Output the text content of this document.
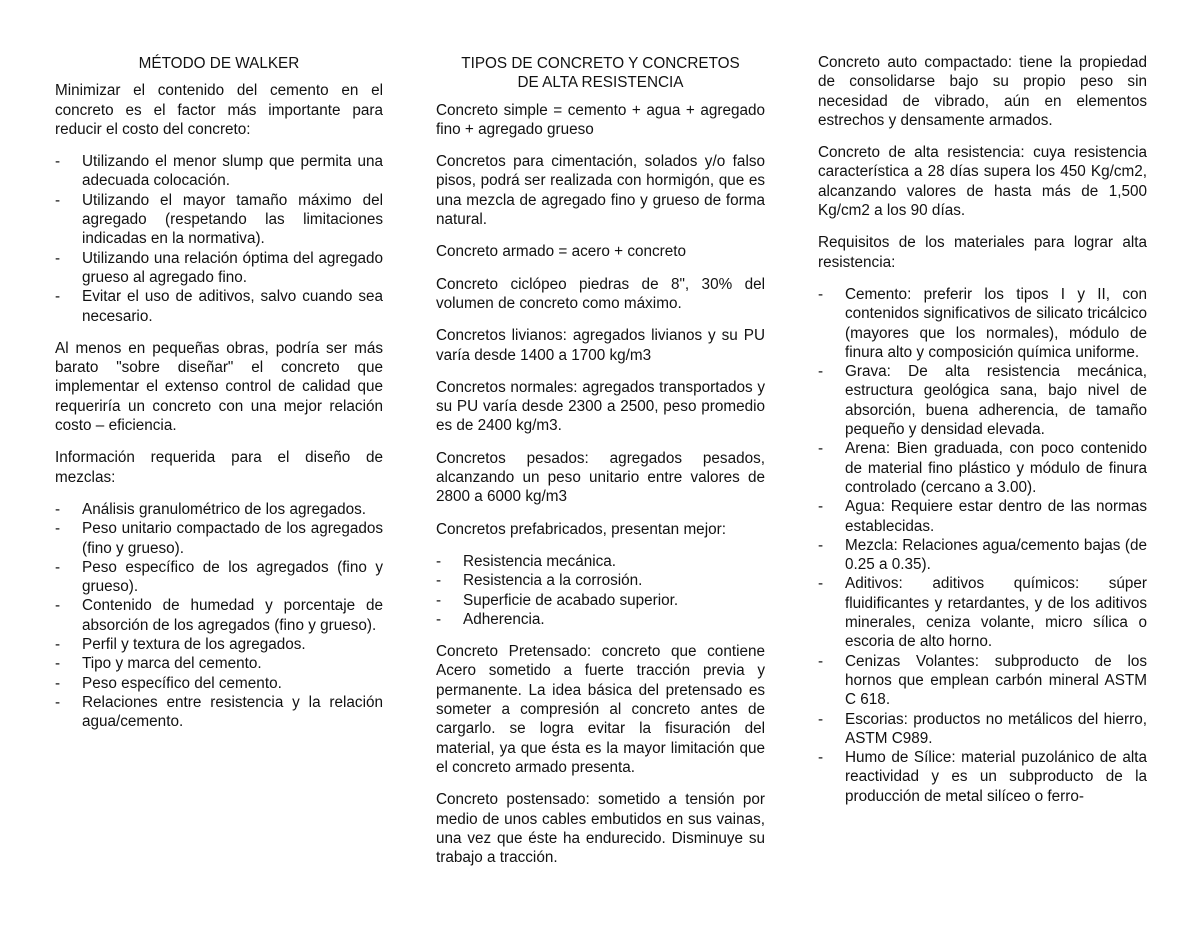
MÉTODO DE WALKER

Minimizar el contenido del cemento en el concreto es el factor más importante para reducir el costo del concreto:

- Utilizando el menor slump que permita una adecuada colocación.
- Utilizando el mayor tamaño máximo del agregado (respetando las limitaciones indicadas en la normativa).
- Utilizando una relación óptima del agregado grueso al agregado fino.
- Evitar el uso de aditivos, salvo cuando sea necesario.

Al menos en pequeñas obras, podría ser más barato "sobre diseñar" el concreto que implementar el extenso control de calidad que requeriría un concreto con una mejor relación costo – eficiencia.

Información requerida para el diseño de mezclas:

- Análisis granulométrico de los agregados.
- Peso unitario compactado de los agregados (fino y grueso).
- Peso específico de los agregados (fino y grueso).
- Contenido de humedad y porcentaje de absorción de los agregados (fino y grueso).
- Perfil y textura de los agregados.
- Tipo y marca del cemento.
- Peso específico del cemento.
- Relaciones entre resistencia y la relación agua/cemento.
TIPOS DE CONCRETO Y CONCRETOS
DE ALTA RESISTENCIA

Concreto simple = cemento + agua + agregado fino + agregado grueso

Concretos para cimentación, solados y/o falso pisos, podrá ser realizada con hormigón, que es una mezcla de agregado fino y grueso de forma natural.

Concreto armado = acero + concreto

Concreto ciclópeo piedras de 8", 30% del volumen de concreto como máximo.

Concretos livianos: agregados livianos y su PU varía desde 1400 a 1700 kg/m3

Concretos normales: agregados transportados y su PU varía desde 2300 a 2500, peso promedio es de 2400 kg/m3.

Concretos pesados: agregados pesados, alcanzando un peso unitario entre valores de 2800 a 6000 kg/m3

Concretos prefabricados, presentan mejor:

- Resistencia mecánica.
- Resistencia a la corrosión.
- Superficie de acabado superior.
- Adherencia.

Concreto Pretensado: concreto que contiene Acero sometido a fuerte tracción previa y permanente. La idea básica del pretensado es someter a compresión al concreto antes de cargarlo. se logra evitar la fisuración del material, ya que ésta es la mayor limitación que el concreto armado presenta.

Concreto postensado: sometido a tensión por medio de unos cables embutidos en sus vainas, una vez que éste ha endurecido. Disminuye su trabajo a tracción.

Concreto auto compactado: tiene la propiedad de consolidarse bajo su propio peso sin necesidad de vibrado, aún en elementos estrechos y densamente armados.

Concreto de alta resistencia: cuya resistencia característica a 28 días supera los 450 Kg/cm2, alcanzando valores de hasta más de 1,500 Kg/cm2 a los 90 días.

Requisitos de los materiales para lograr alta resistencia:

- Cemento: preferir los tipos I y II, con contenidos significativos de silicato tricálcico (mayores que los normales), módulo de finura alto y composición química uniforme.
- Grava: De alta resistencia mecánica, estructura geológica sana, bajo nivel de absorción, buena adherencia, de tamaño pequeño y densidad elevada.
- Arena: Bien graduada, con poco contenido de material fino plástico y módulo de finura controlado (cercano a 3.00).
- Agua: Requiere estar dentro de las normas establecidas.
- Mezcla: Relaciones agua/cemento bajas (de 0.25 a 0.35).
- Aditivos: aditivos químicos: súper fluidificantes y retardantes, y de los aditivos minerales, ceniza volante, micro sílica o escoria de alto horno.
- Cenizas Volantes: subproducto de los hornos que emplean carbón mineral ASTM C 618.
- Escorias: productos no metálicos del hierro, ASTM C989.
- Humo de Sílice: material puzolánico de alta reactividad y es un subproducto de la producción de metal silíceo o ferro-
